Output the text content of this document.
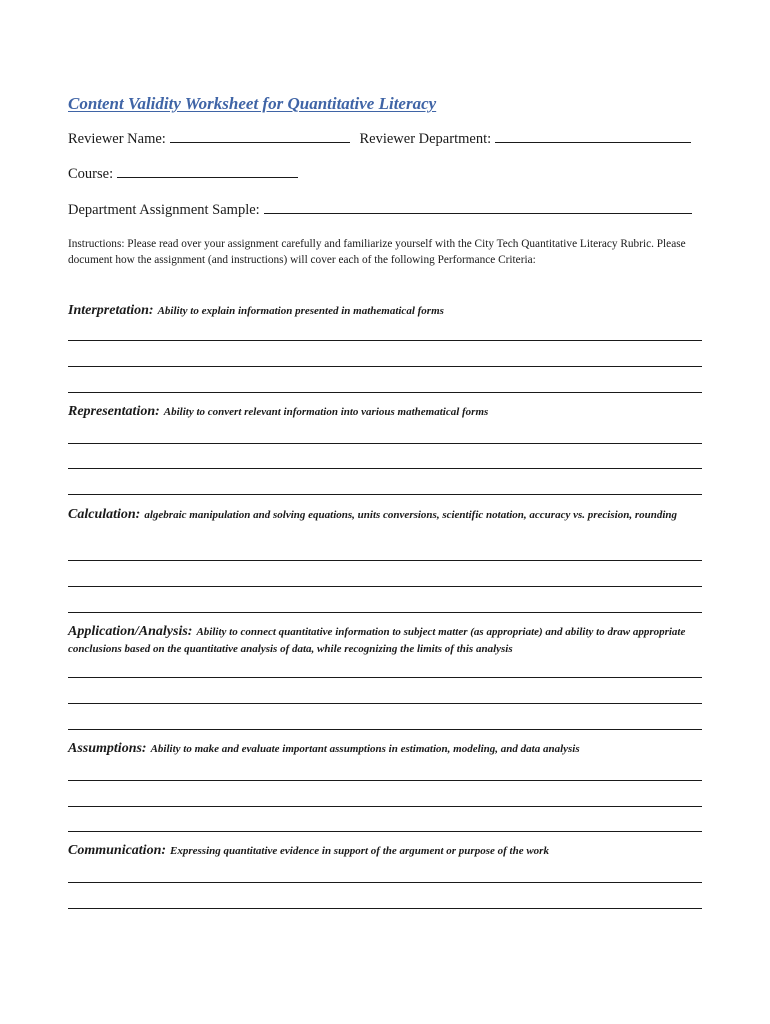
Content Validity Worksheet for Quantitative Literacy
Reviewer Name:	Reviewer Department:
Course:
Department Assignment Sample:
Instructions: Please read over your assignment carefully and familiarize yourself with the City Tech Quantitative Literacy Rubric. Please document how the assignment (and instructions) will cover each of the following Performance Criteria:
Interpretation: Ability to explain information presented in mathematical forms
Representation: Ability to convert relevant information into various mathematical forms
Calculation: algebraic manipulation and solving equations, units conversions, scientific notation, accuracy vs. precision, rounding
Application/Analysis: Ability to connect quantitative information to subject matter (as appropriate) and ability to draw appropriate conclusions based on the quantitative analysis of data, while recognizing the limits of this analysis
Assumptions: Ability to make and evaluate important assumptions in estimation, modeling, and data analysis
Communication: Expressing quantitative evidence in support of the argument or purpose of the work
